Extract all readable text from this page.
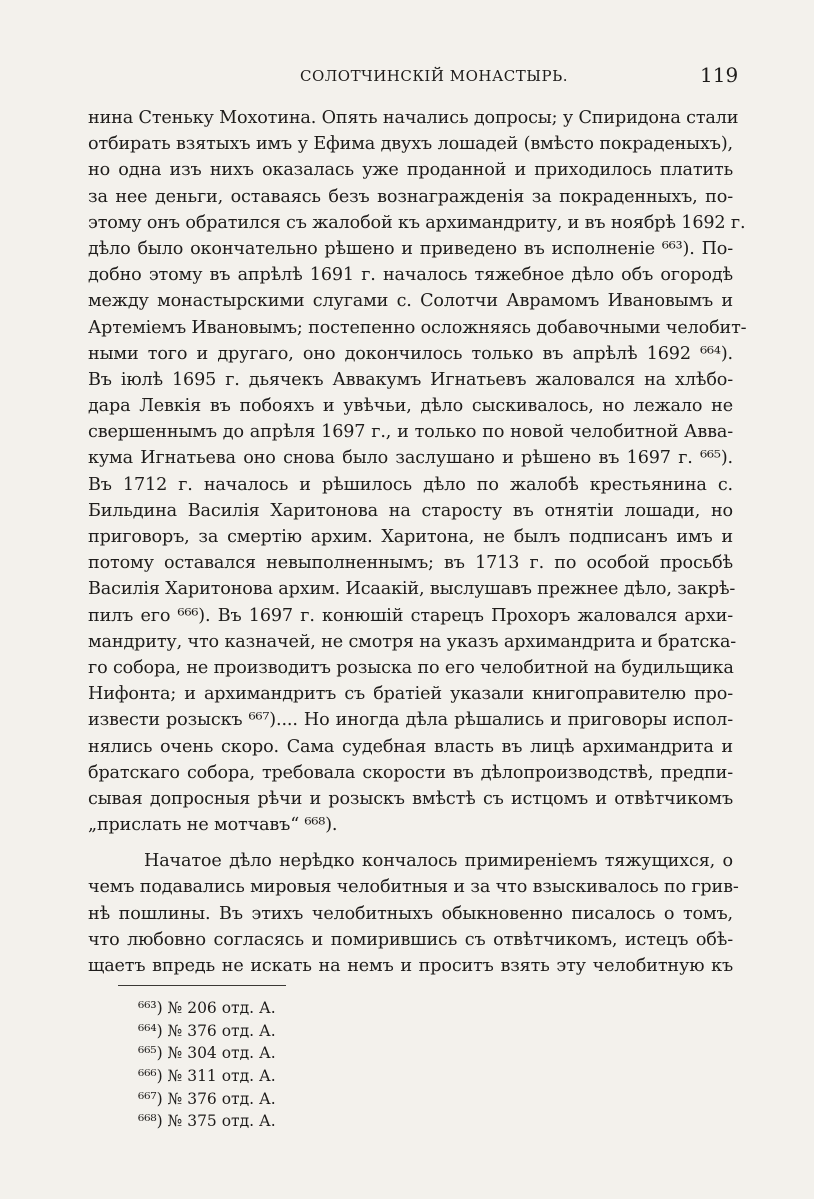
СОЛОТЧИНСКІЙ МОНАСТЫРЬ.	119
нина Стеньку Мохотина. Опять начались допросы; у Спиридона стали
отбирать взятыхъ имъ у Ефима двухъ лошадей (вмѣсто покраденыхъ),
но одна изъ нихъ оказалась уже проданной и приходилось платить
за нее деньги, оставаясь безъ вознагражденія за покраденныхъ, по-
этому онъ обратился съ жалобой къ архимандриту, и въ ноябрѣ 1692 г.
дѣло было окончательно рѣшено и приведено въ исполненіе ⁶⁶³). По-
добно этому въ апрѣлѣ 1691 г. началось тяжебное дѣло объ огородѣ
между монастырскими слугами с. Солотчи Аврамомъ Ивановымъ и
Артеміемъ Ивановымъ; постепенно осложняясь добавочными челобит-
ными того и другаго, оно докончилось только въ апрѣлѣ 1692 ⁶⁶⁴).
Въ іюлѣ 1695 г. дьячекъ Аввакумъ Игнатьевъ жаловался на хлѣбо-
дара Левкія въ побояхъ и увѣчьи, дѣло сыскивалось, но лежало не
свершеннымъ до апрѣля 1697 г., и только по новой челобитной Авва-
кума Игнатьева оно снова было заслушано и рѣшено въ 1697 г. ⁶⁶⁵).
Въ 1712 г. началось и рѣшилось дѣло по жалобѣ крестьянина с.
Бильдина Василія Харитонова на старосту въ отнятіи лошади, но
приговоръ, за смертію архим. Харитона, не былъ подписанъ имъ и
потому оставался невыполненнымъ; въ 1713 г. по особой просьбѣ
Василія Харитонова архим. Исаакій, выслушавъ прежнее дѣло, закрѣ-
пилъ его ⁶⁶⁶). Въ 1697 г. конюшій старецъ Прохоръ жаловался архи-
мандриту, что казначей, не смотря на указъ архимандрита и братска-
го собора, не производитъ розыска по его челобитной на будильщика
Нифонта; и архимандритъ съ братіей указали книгоправителю про-
извести розыскъ ⁶⁶⁷).... Но иногда дѣла рѣшались и приговоры испол-
нялись очень скоро. Сама судебная власть въ лицѣ архимандрита и
братскаго собора, требовала скорости въ дѣлопроизводствѣ, предпи-
сывая допросныя рѣчи и розыскъ вмѣстѣ съ истцомъ и отвѣтчикомъ
„прислать не мотчавъ“ ⁶⁶⁸).
Начатое дѣло нерѣдко кончалось примиреніемъ тяжущихся, о
чемъ подавались мировыя челобитныя и за что взыскивалось по грив-
нѣ пошлины. Въ этихъ челобитныхъ обыкновенно писалось о томъ,
что любовно согласясь и помирившись съ отвѣтчикомъ, истецъ обѣ-
щаетъ впредь не искать на немъ и проситъ взять эту челобитную къ
⁶⁶³) № 206 отд. А.
⁶⁶⁴) № 376 отд. А.
⁶⁶⁵) № 304 отд. А.
⁶⁶⁶) № 311 отд. А.
⁶⁶⁷) № 376 отд. А.
⁶⁶⁸) № 375 отд. А.
